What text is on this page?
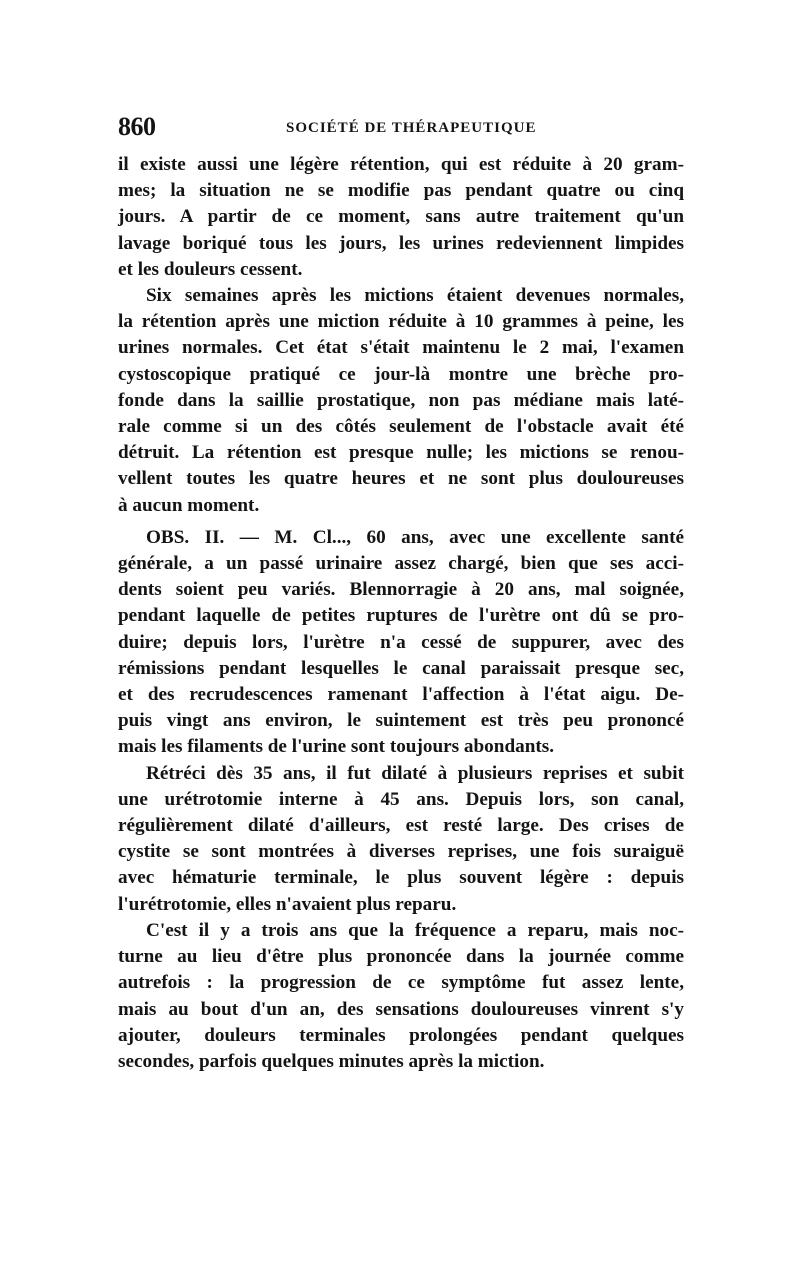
860	SOCIÉTÉ DE THÉRAPEUTIQUE
il existe aussi une légère rétention, qui est réduite à 20 gram-
mes; la situation ne se modifie pas pendant quatre ou cinq
jours. A partir de ce moment, sans autre traitement qu'un
lavage boriqué tous les jours, les urines redeviennent limpides
et les douleurs cessent.
Six semaines après les mictions étaient devenues normales,
la rétention après une miction réduite à 10 grammes à peine, les
urines normales. Cet état s'était maintenu le 2 mai, l'examen
cystoscopique pratiqué ce jour-là montre une brèche pro-
fonde dans la saillie prostatique, non pas médiane mais laté-
rale comme si un des côtés seulement de l'obstacle avait été
détruit. La rétention est presque nulle; les mictions se renou-
vellent toutes les quatre heures et ne sont plus douloureuses
à aucun moment.
OBS. II. — M. Cl..., 60 ans, avec une excellente santé
générale, a un passé urinaire assez chargé, bien que ses acci-
dents soient peu variés. Blennorragie à 20 ans, mal soignée,
pendant laquelle de petites ruptures de l'urètre ont dû se pro-
duire; depuis lors, l'urètre n'a cessé de suppurer, avec des
rémissions pendant lesquelles le canal paraissait presque sec,
et des recrudescences ramenant l'affection à l'état aigu. De-
puis vingt ans environ, le suintement est très peu prononcé
mais les filaments de l'urine sont toujours abondants.
Rétréci dès 35 ans, il fut dilaté à plusieurs reprises et subit
une urétrotomie interne à 45 ans. Depuis lors, son canal,
régulièrement dilaté d'ailleurs, est resté large. Des crises de
cystite se sont montrées à diverses reprises, une fois suraiguë
avec hématurie terminale, le plus souvent légère : depuis
l'urétrotomie, elles n'avaient plus reparu.
C'est il y a trois ans que la fréquence a reparu, mais noc-
turne au lieu d'être plus prononcée dans la journée comme
autrefois : la progression de ce symptôme fut assez lente,
mais au bout d'un an, des sensations douloureuses vinrent s'y
ajouter, douleurs terminales prolongées pendant quelques
secondes, parfois quelques minutes après la miction.
